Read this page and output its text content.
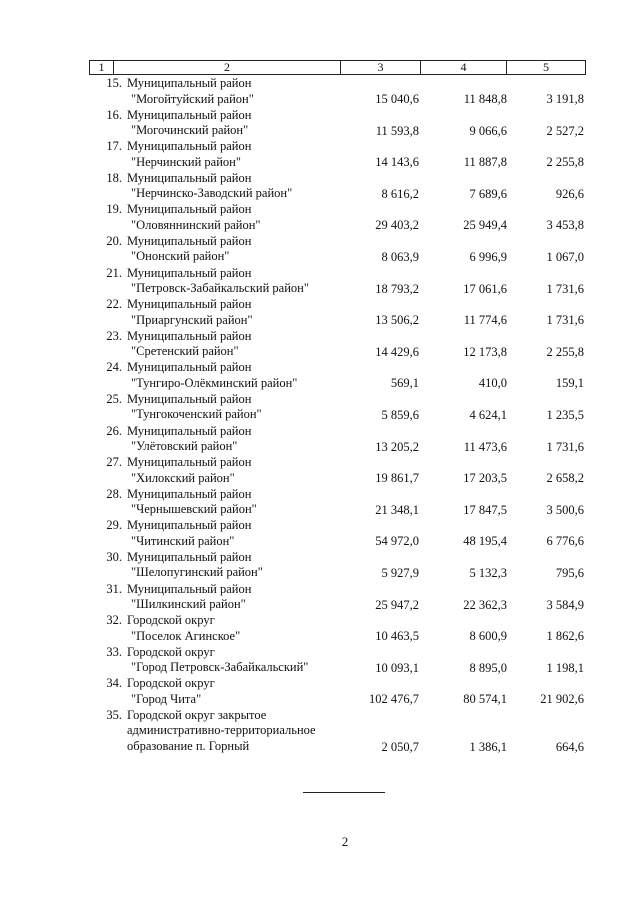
1	2	3	4	5
15. Муниципальный район
"Могойтуйский район"	15 040,6	11 848,8	3 191,8
16. Муниципальный район
"Могочинский район"	11 593,8	9 066,6	2 527,2
17. Муниципальный район
"Нерчинский район"	14 143,6	11 887,8	2 255,8
18. Муниципальный район
"Нерчинско-Заводский район"	8 616,2	7 689,6	926,6
19. Муниципальный район
"Оловяннинский район"	29 403,2	25 949,4	3 453,8
20. Муниципальный район
"Ононский район"	8 063,9	6 996,9	1 067,0
21. Муниципальный район
"Петровск-Забайкальский район"	18 793,2	17 061,6	1 731,6
22. Муниципальный район
"Приаргунский район"	13 506,2	11 774,6	1 731,6
23. Муниципальный район
"Сретенский район"	14 429,6	12 173,8	2 255,8
24. Муниципальный район
"Тунгиро-Олёкминский район"	569,1	410,0	159,1
25. Муниципальный район
"Тунгокоченский район"	5 859,6	4 624,1	1 235,5
26. Муниципальный район
"Улётовский район"	13 205,2	11 473,6	1 731,6
27. Муниципальный район
"Хилокский район"	19 861,7	17 203,5	2 658,2
28. Муниципальный район
"Чернышевский район"	21 348,1	17 847,5	3 500,6
29. Муниципальный район
"Читинский район"	54 972,0	48 195,4	6 776,6
30. Муниципальный район
"Шелопугинский район"	5 927,9	5 132,3	795,6
31. Муниципальный район
"Шилкинский район"	25 947,2	22 362,3	3 584,9
32. Городской округ
"Поселок Агинское"	10 463,5	8 600,9	1 862,6
33. Городской округ
"Город Петровск-Забайкальский"	10 093,1	8 895,0	1 198,1
34. Городской округ
"Город Чита"	102 476,7	80 574,1	21 902,6
35. Городской округ закрытое
административно-территориальное
образование п. Горный	2 050,7	1 386,1	664,6
2
